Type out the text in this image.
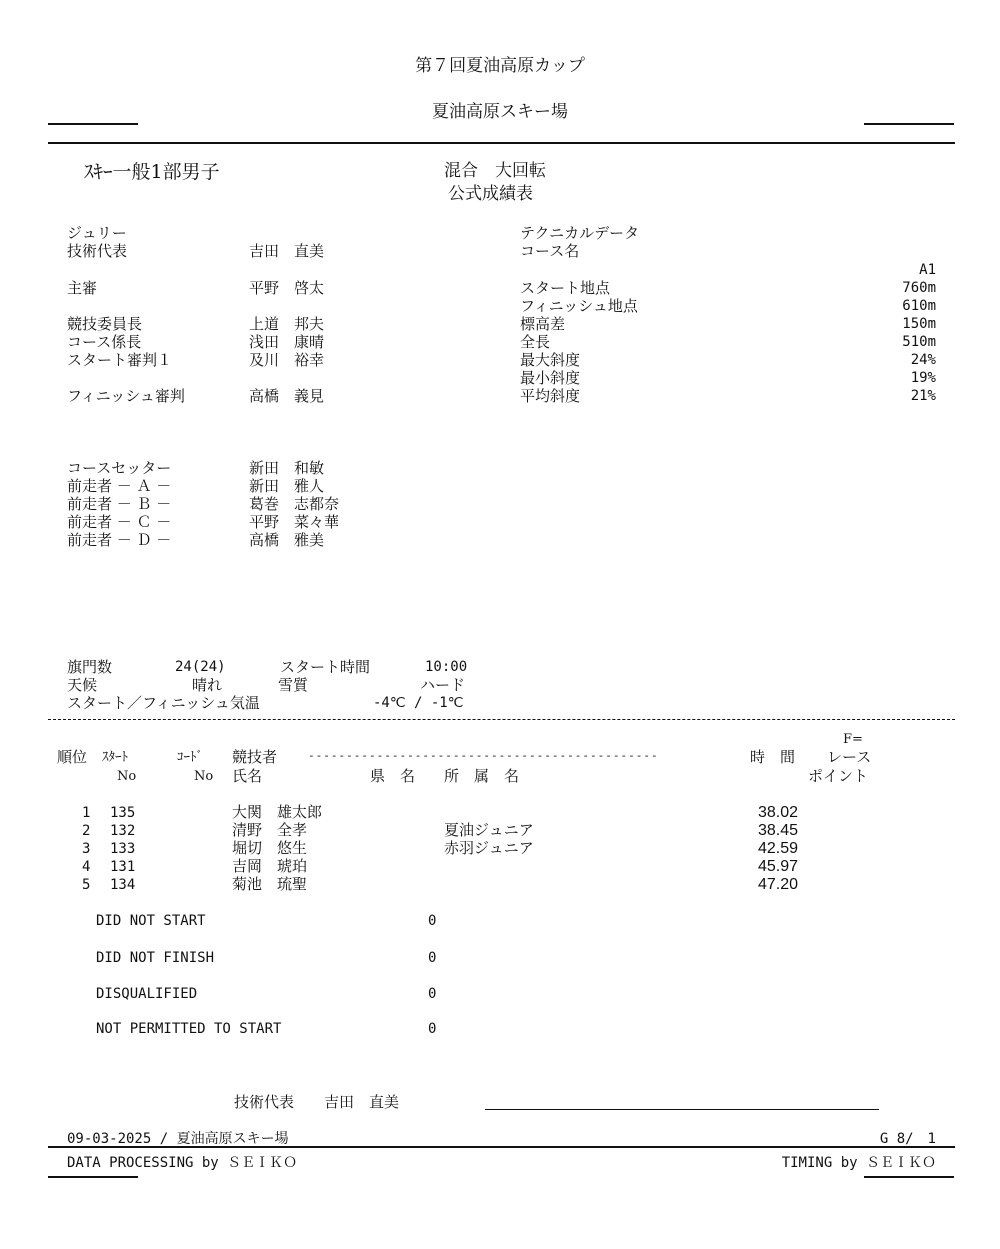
第７回夏油高原カップ
夏油高原スキー場
ｽｷｰ一般1部男子	混合　大回転
公式成績表
ジュリー
技術代表	吉田　直美
主審	平野　啓太
競技委員長	上道　邦夫
コース係長	浅田　康晴
スタート審判１	及川　裕幸
フィニッシュ審判	高橋　義見
テクニカルデータ
コース名
A1
スタート地点	760m
フィニッシュ地点	610m
標高差	150m
全長	510m
最大斜度	24%
最小斜度	19%
平均斜度	21%
コースセッター	新田　和敏
前走者 － Ａ －	新田　雅人
前走者 － Ｂ －	葛巻　志都奈
前走者 － Ｃ －	平野　菜々華
前走者 － Ｄ －	高橋　雅美
旗門数	24(24)	スタート時間	10:00
天候	晴れ	雪質	ハード
スタート／フィニッシュ気温	-4℃ / -1℃
順位 ｽﾀｰﾄ
No
ｺｰﾄﾞ
No
競技者	----------------------------------------------
氏名	県　名 所　属　名
時　間
F=
レース
ポイント
1 135	大関　雄太郎	38.02
2 132	清野　全孝	夏油ジュニア	38.45
3 133	堀切　悠生	赤羽ジュニア	42.59
4 131	吉岡　琥珀	45.97
5 134	菊池　琉聖	47.20
DID NOT START	0
DID NOT FINISH	0
DISQUALIFIED	0
NOT PERMITTED TO START	0
技術代表 吉田　直美
09-03-2025 / 夏油高原スキー場	G 8/　1
DATA PROCESSING by ＳＥＩＫＯ	TIMING by ＳＥＩＫＯ
